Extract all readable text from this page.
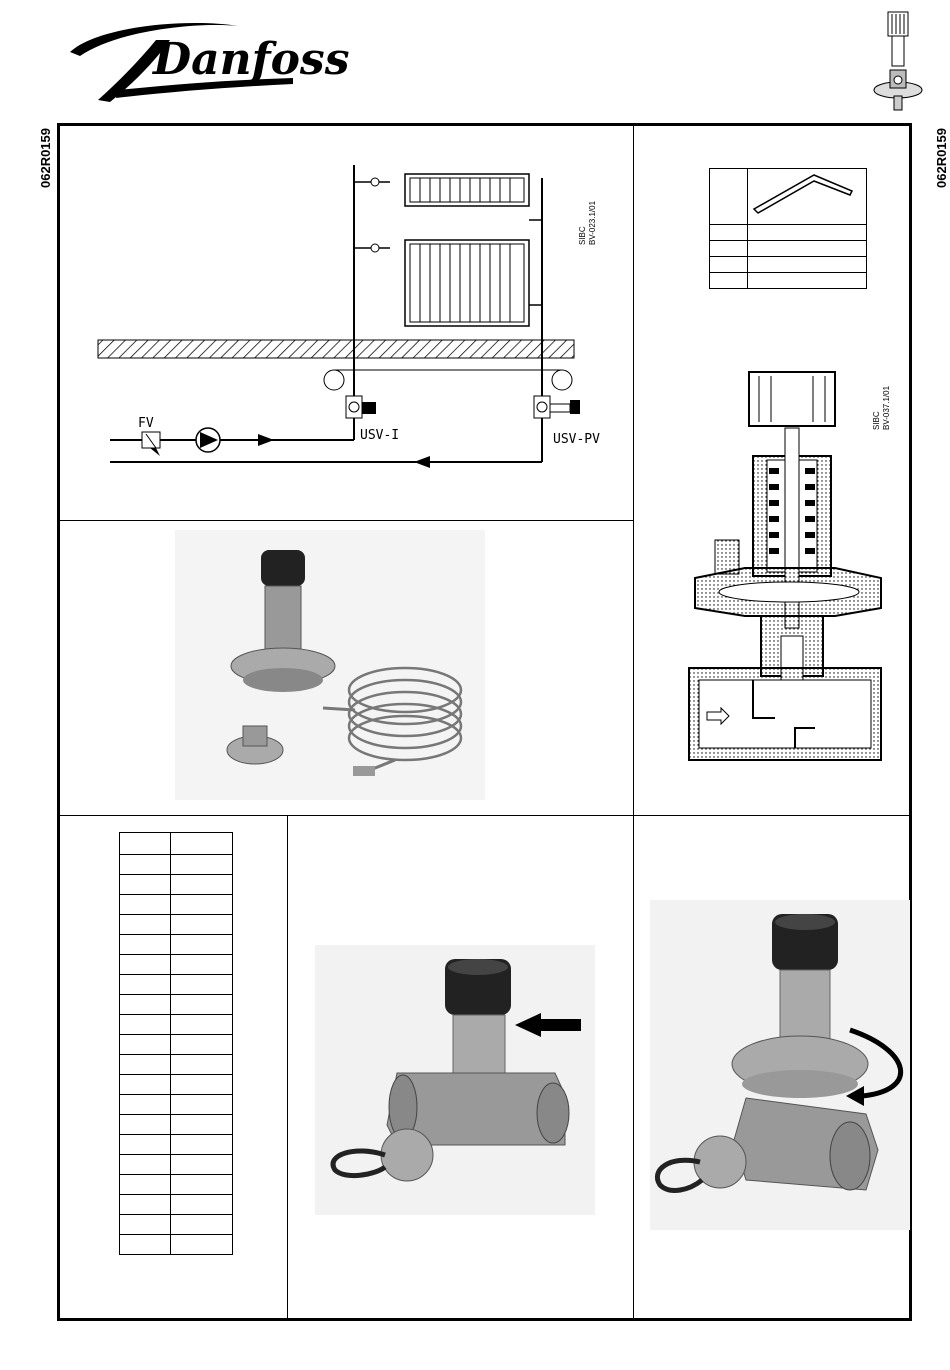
Danfoss
062R0159	062R0159
FV
USV-I	USV-PV
SIBC
BV-023.1/01

SIBC
BV-037.1/01
